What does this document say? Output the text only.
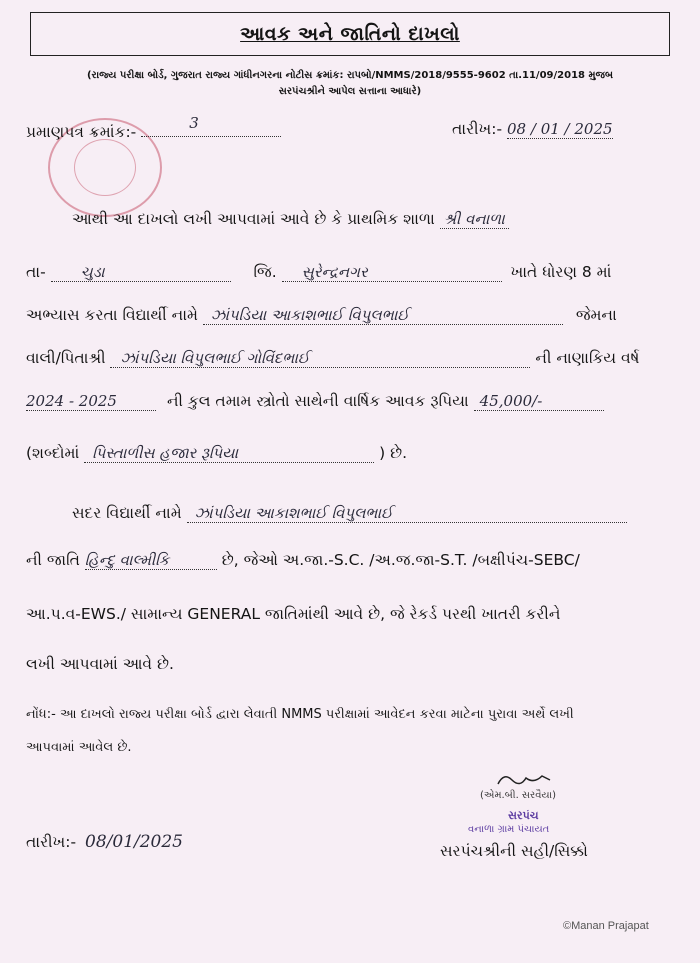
આવક અને જાતિનો દાખલો
(રાજ્ય પરીક્ષા બોર્ડ, ગુજરાત રાજ્ય ગાંધીનગરના નોટીસ ક્રમાંક: રાપબો/NMMS/2018/9555-9602 તા.11/09/2018 મુજબ
સરપંચશ્રીને આપેલ સત્તાના આધારે)
પ્રમાણપત્ર ક્રમાંક:-	3	તારીખ:- 08 / 01 / 2025
આથી આ દાખલો લખી આપવામાં આવે છે કે પ્રાથમિક શાળા શ્રી વનાળા
તા- ચુડા	જિ. સુરેન્દ્રનગર	ખાતે ધોરણ 8 માં
અભ્યાસ કરતા વિદ્યાર્થી નામે ઝાંપડિયા આકાશભાઈ વિપુલભાઈ	જેમના
વાલી/પિતાશ્રી ઝાંપડિયા વિપુલભાઈ ગોવિંદભાઈ	ની નાણાકિય વર્ષ
2024 - 2025	ની કુલ તમામ સ્ત્રોતો સાથેની વાર્ષિક આવક રૂપિયા 45,000/-
(શબ્દોમાં પિસ્તાળીસ હજાર રૂપિયા	) છે.
સદર વિદ્યાર્થી નામે ઝાંપડિયા આકાશભાઈ વિપુલભાઈ
ની જાતિ હિન્દુ વાલ્મીકિ	છે, જેઓ અ.જા.-S.C. /અ.જ.જા-S.T. /બક્ષીપંચ-SEBC/
આ.પ.વ-EWS./ સામાન્ય GENERAL જાતિમાંથી આવે છે, જે રેકર્ડ પરથી ખાતરી કરીને
લખી આપવામાં આવે છે.
નોંધ:- આ દાખલો રાજ્ય પરીક્ષા બોર્ડ દ્વારા લેવાતી NMMS પરીક્ષામાં આવેદન કરવા માટેના પુરાવા અર્થે લખી
આપવામાં આવેલ છે.
(એમ.બી. સરવૈયા)
સરપંચ
વનાળા ગ્રામ પંચાયત
તારીખ:- 08/01/2025	સરપંચશ્રીની સહી/સિક્કો
©Manan Prajapat
